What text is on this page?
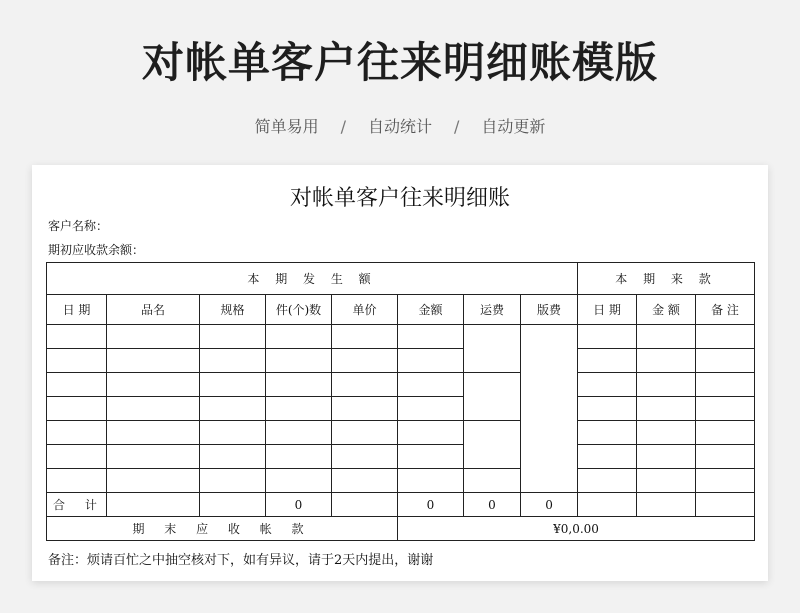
对帐单客户往来明细账模版
简单易用 / 自动统计 / 自动更新
对帐单客户往来明细账
客户名称：
期初应收款余额：
本 期 发 生 额								本 期 来 款		
日 期	品名	规格	件(个)数	单价	金额	运费	版费	日 期	金 额	备 注

合 计			0		0	0	0			
期 末 应 收 帐 款					¥0,0.00					
备注：烦请百忙之中抽空核对下，如有异议，请于2天内提出，谢谢
